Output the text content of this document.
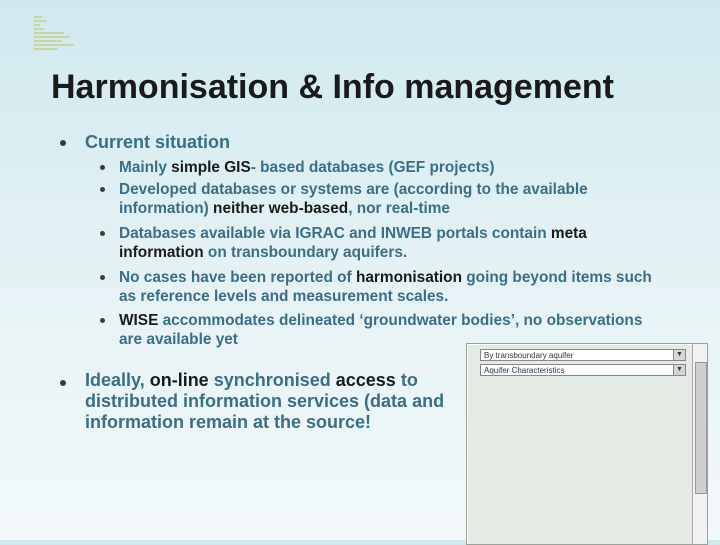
Harmonisation & Info management
Current situation
Mainly simple GIS- based databases (GEF projects)
Developed databases or systems are (according to the available information) neither web-based, nor real-time
Databases available via IGRAC and INWEB portals contain meta information on transboundary aquifers.
No cases have been reported of harmonisation going beyond items such as reference levels and measurement scales.
WISE accommodates delineated ‘groundwater bodies’, no observations are available yet
Ideally, on-line synchronised access to distributed information services (data and information remain at the source!
By transboundary aquifer	▼
Aquifer Characteristics	▼
